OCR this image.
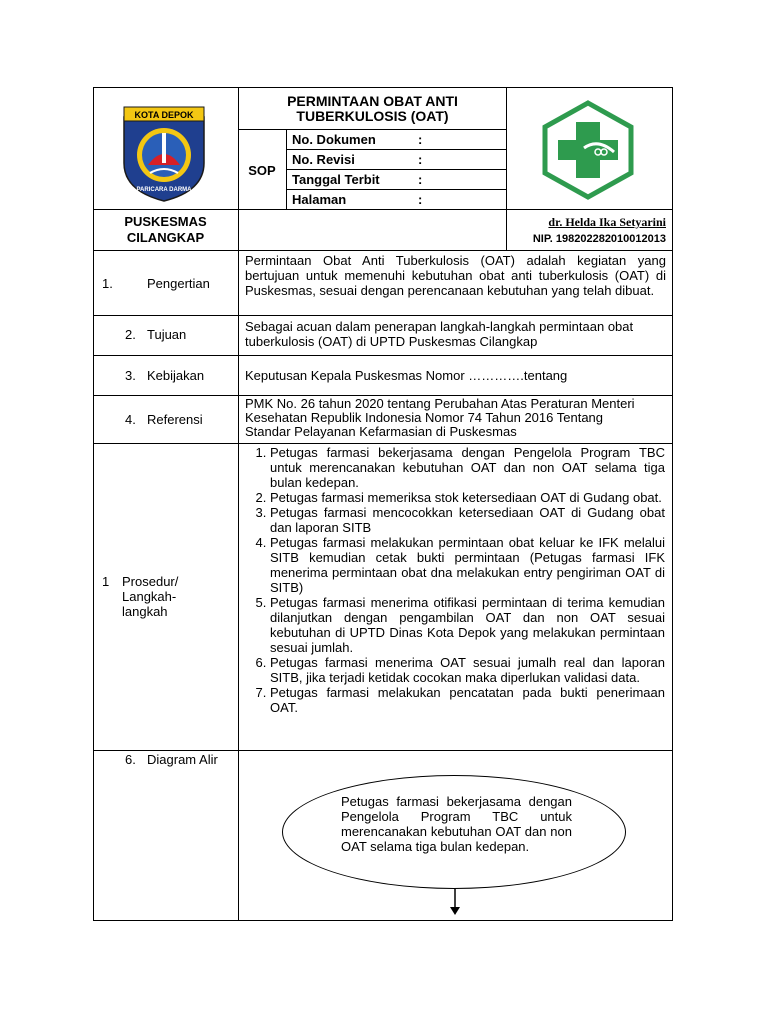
KOTA DEPOK
PARICARA DARMA
PERMINTAAN OBAT ANTI
TUBERKULOSIS (OAT)
SOP
No. Dokumen	:
No. Revisi	:
Tanggal Terbit	:
Halaman	:
PUSKESMAS
CILANGKAP
dr. Helda Ika Setyarini
NIP. 198202282010012013
1.	Pengertian
Permintaan Obat Anti Tuberkulosis (OAT) adalah kegiatan yang bertujuan untuk memenuhi kebutuhan obat anti tuberkulosis (OAT) di Puskesmas, sesuai dengan perencanaan kebutuhan yang telah dibuat.
2. Tujuan
Sebagai acuan dalam penerapan langkah-langkah permintaan obat tuberkulosis (OAT) di UPTD Puskesmas Cilangkap
3. Kebijakan	Keputusan Kepala Puskesmas Nomor ………….tentang
4. Referensi
PMK No. 26 tahun 2020 tentang Perubahan Atas Peraturan Menteri Kesehatan Republik Indonesia Nomor 74 Tahun 2016 Tentang Standar Pelayanan Kefarmasian di Puskesmas
1 Prosedur/
Langkah-
langkah
1. Petugas farmasi bekerjasama dengan Pengelola Program TBC untuk merencanakan kebutuhan OAT dan non OAT selama tiga bulan kedepan.
2. Petugas farmasi memeriksa stok ketersediaan OAT di Gudang obat.
3. Petugas farmasi mencocokkan ketersediaan OAT di Gudang obat dan laporan SITB
4. Petugas farmasi melakukan permintaan obat keluar ke IFK melalui SITB kemudian cetak bukti permintaan (Petugas farmasi IFK menerima permintaan obat dna melakukan entry pengiriman OAT di SITB)
5. Petugas farmasi menerima otifikasi permintaan di terima kemudian dilanjutkan dengan pengambilan OAT dan non OAT sesuai kebutuhan di UPTD Dinas Kota Depok yang melakukan permintaan sesuai jumlah.
6. Petugas farmasi menerima OAT sesuai jumalh real dan laporan SITB, jika terjadi ketidak cocokan maka diperlukan validasi data.
7. Petugas farmasi melakukan pencatatan pada bukti penerimaan OAT.
6. Diagram Alir
Petugas farmasi bekerjasama dengan Pengelola Program TBC untuk merencanakan kebutuhan OAT dan non OAT selama tiga bulan kedepan.
